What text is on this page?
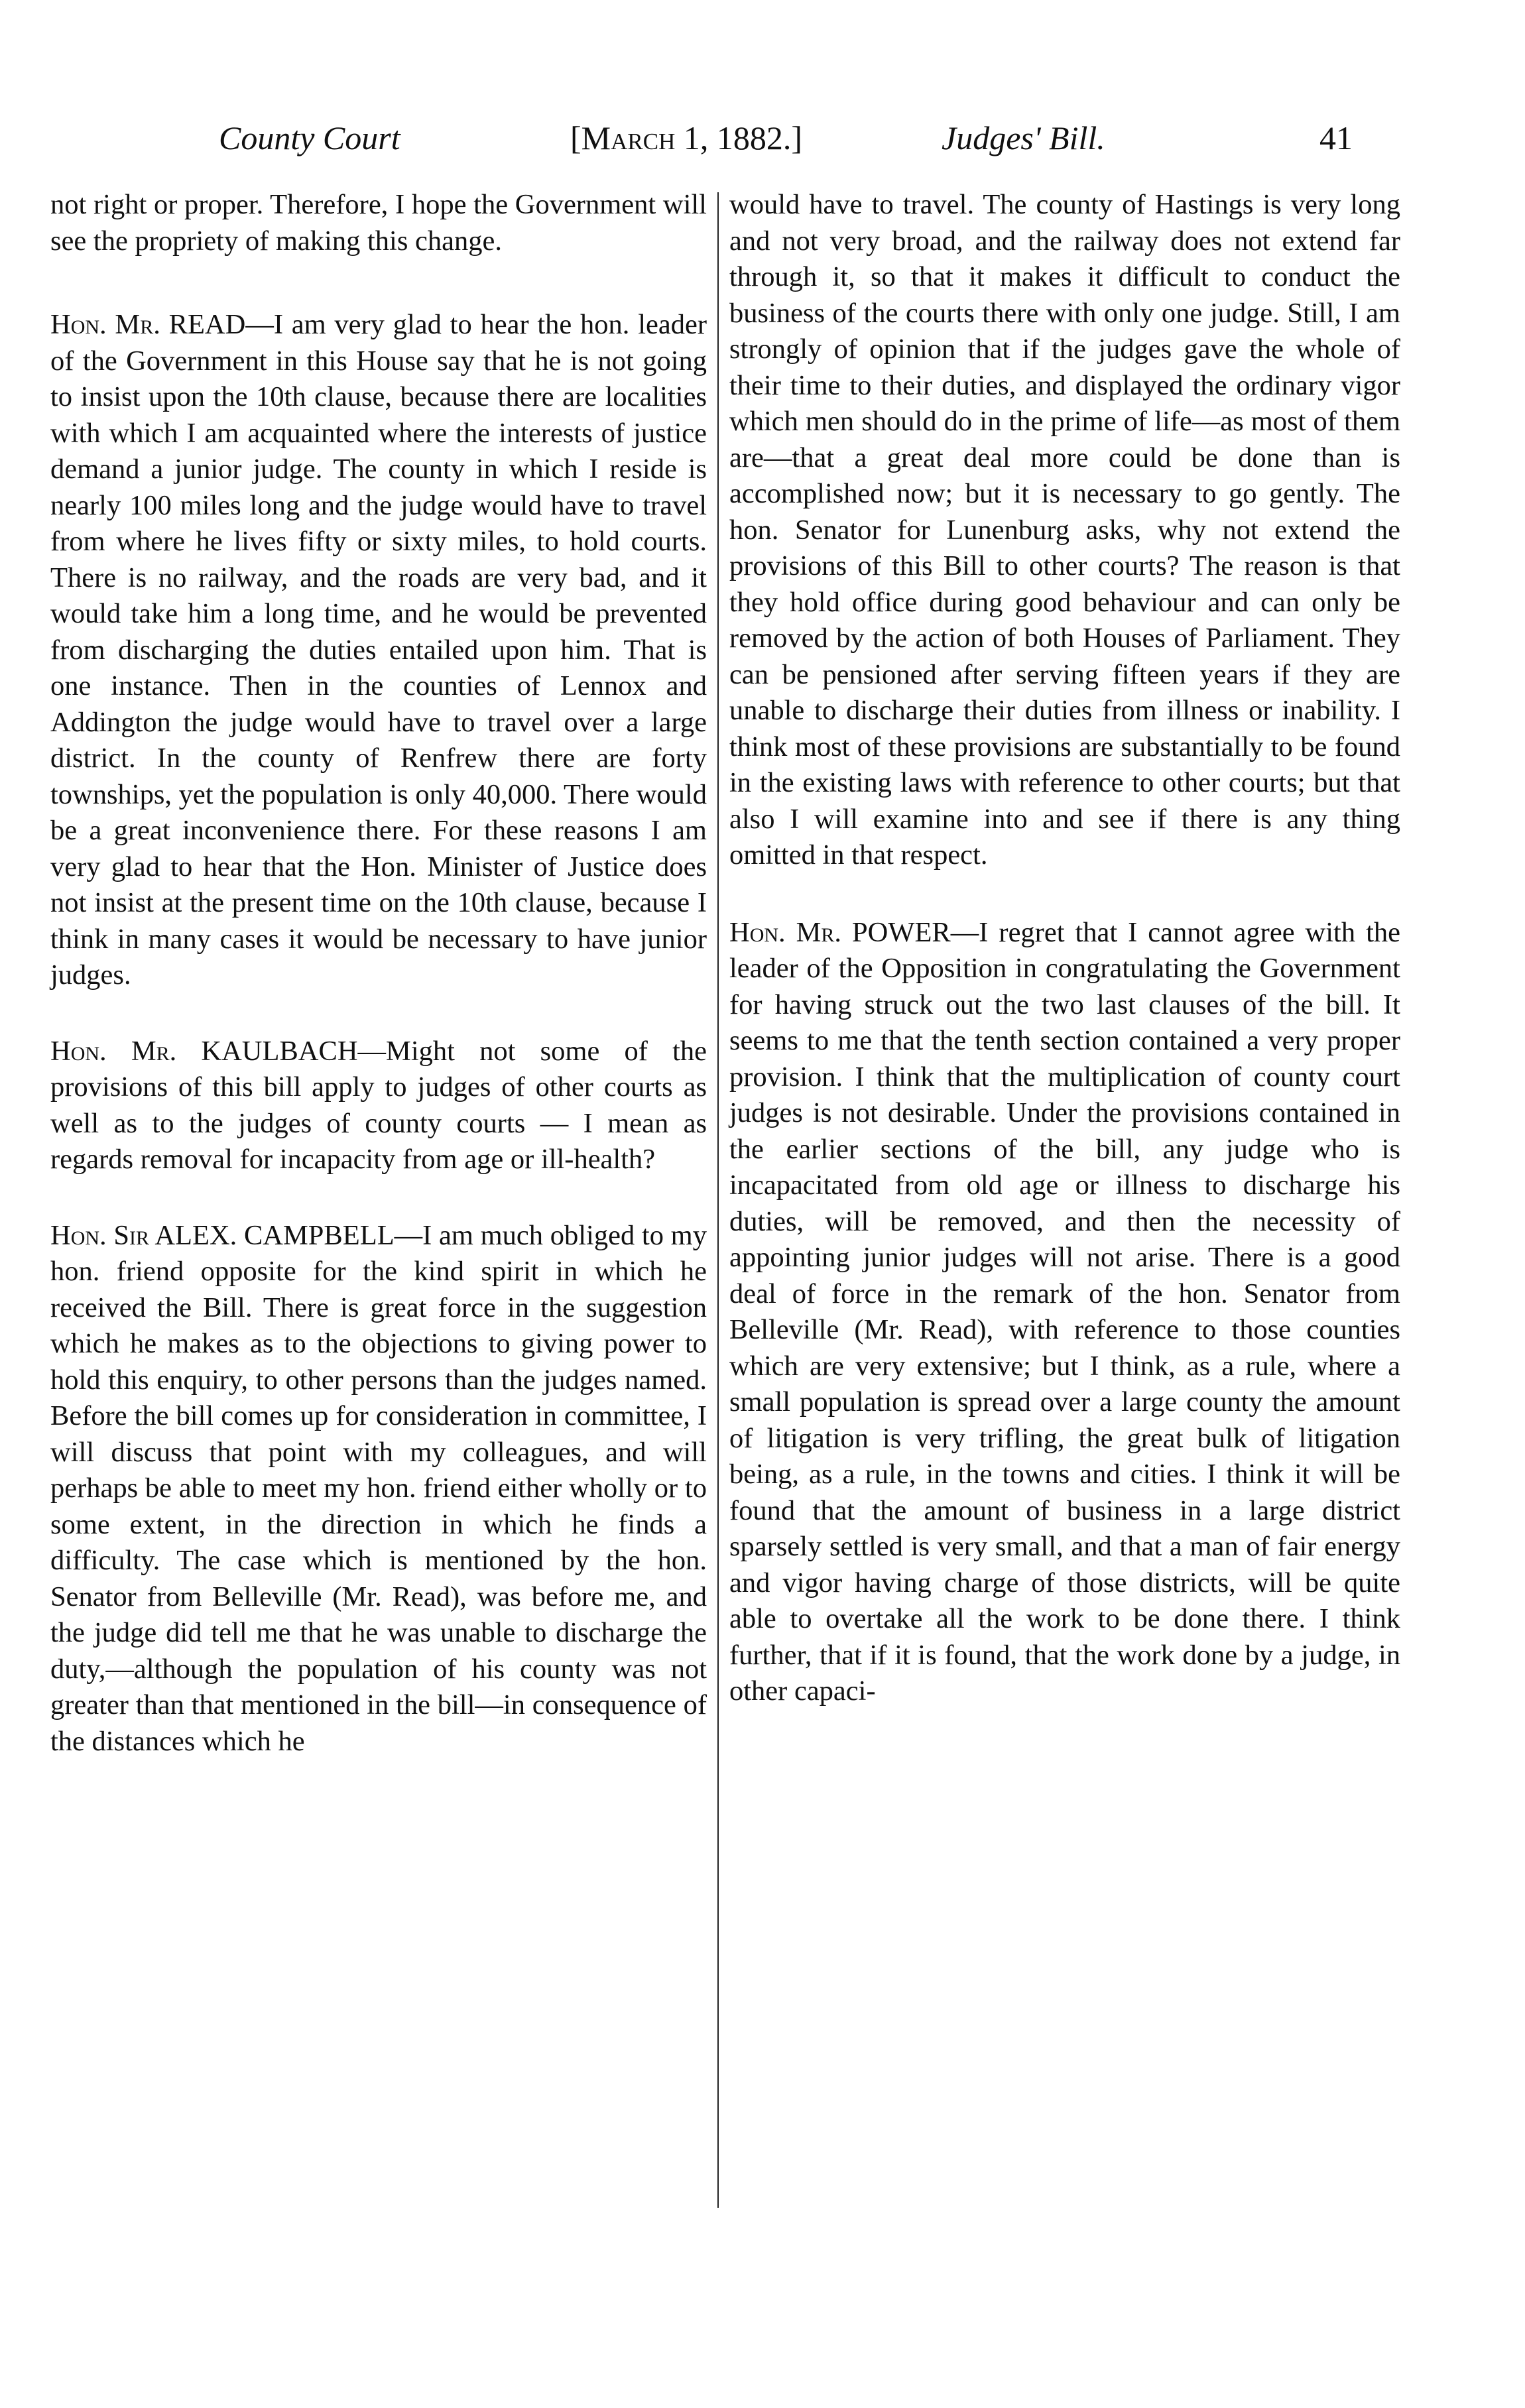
County Court	[March 1, 1882.]	Judges' Bill.	41

not right or proper. Therefore, I hope the Government will see the propriety of making this change.

Hon. Mr. READ—I am very glad to hear the hon. leader of the Government in this House say that he is not going to insist upon the 10th clause, because there are localities with which I am acquainted where the interests of justice demand a junior judge. The county in which I reside is nearly 100 miles long and the judge would have to travel from where he lives fifty or sixty miles, to hold courts. There is no railway, and the roads are very bad, and it would take him a long time, and he would be prevented from discharging the duties entailed upon him. That is one instance. Then in the counties of Lennox and Addington the judge would have to travel over a large district. In the county of Renfrew there are forty townships, yet the population is only 40,000. There would be a great inconvenience there. For these reasons I am very glad to hear that the Hon. Minister of Justice does not insist at the present time on the 10th clause, because I think in many cases it would be necessary to have junior judges.

Hon. Mr. KAULBACH—Might not some of the provisions of this bill apply to judges of other courts as well as to the judges of county courts — I mean as regards removal for incapacity from age or ill-health?

Hon. Sir ALEX. CAMPBELL—I am much obliged to my hon. friend opposite for the kind spirit in which he received the Bill. There is great force in the suggestion which he makes as to the objections to giving power to hold this enquiry, to other persons than the judges named. Before the bill comes up for consideration in committee, I will discuss that point with my colleagues, and will perhaps be able to meet my hon. friend either wholly or to some extent, in the direction in which he finds a difficulty. The case which is mentioned by the hon. Senator from Belleville (Mr. Read), was before me, and the judge did tell me that he was unable to discharge the duty,—although the population of his county was not greater than that mentioned in the bill—in consequence of the distances which he

would have to travel. The county of Hastings is very long and not very broad, and the railway does not extend far through it, so that it makes it difficult to conduct the business of the courts there with only one judge. Still, I am strongly of opinion that if the judges gave the whole of their time to their duties, and displayed the ordinary vigor which men should do in the prime of life—as most of them are—that a great deal more could be done than is accomplished now; but it is necessary to go gently. The hon. Senator for Lunenburg asks, why not extend the provisions of this Bill to other courts? The reason is that they hold office during good behaviour and can only be removed by the action of both Houses of Parliament. They can be pensioned after serving fifteen years if they are unable to discharge their duties from illness or inability. I think most of these provisions are substantially to be found in the existing laws with reference to other courts; but that also I will examine into and see if there is any thing omitted in that respect.

Hon. Mr. POWER—I regret that I cannot agree with the leader of the Opposition in congratulating the Government for having struck out the two last clauses of the bill. It seems to me that the tenth section contained a very proper provision. I think that the multiplication of county court judges is not desirable. Under the provisions contained in the earlier sections of the bill, any judge who is incapacitated from old age or illness to discharge his duties, will be removed, and then the necessity of appointing junior judges will not arise. There is a good deal of force in the remark of the hon. Senator from Belleville (Mr. Read), with reference to those counties which are very extensive; but I think, as a rule, where a small population is spread over a large county the amount of litigation is very trifling, the great bulk of litigation being, as a rule, in the towns and cities. I think it will be found that the amount of business in a large district sparsely settled is very small, and that a man of fair energy and vigor having charge of those districts, will be quite able to overtake all the work to be done there. I think further, that if it is found, that the work done by a judge, in other capaci-
